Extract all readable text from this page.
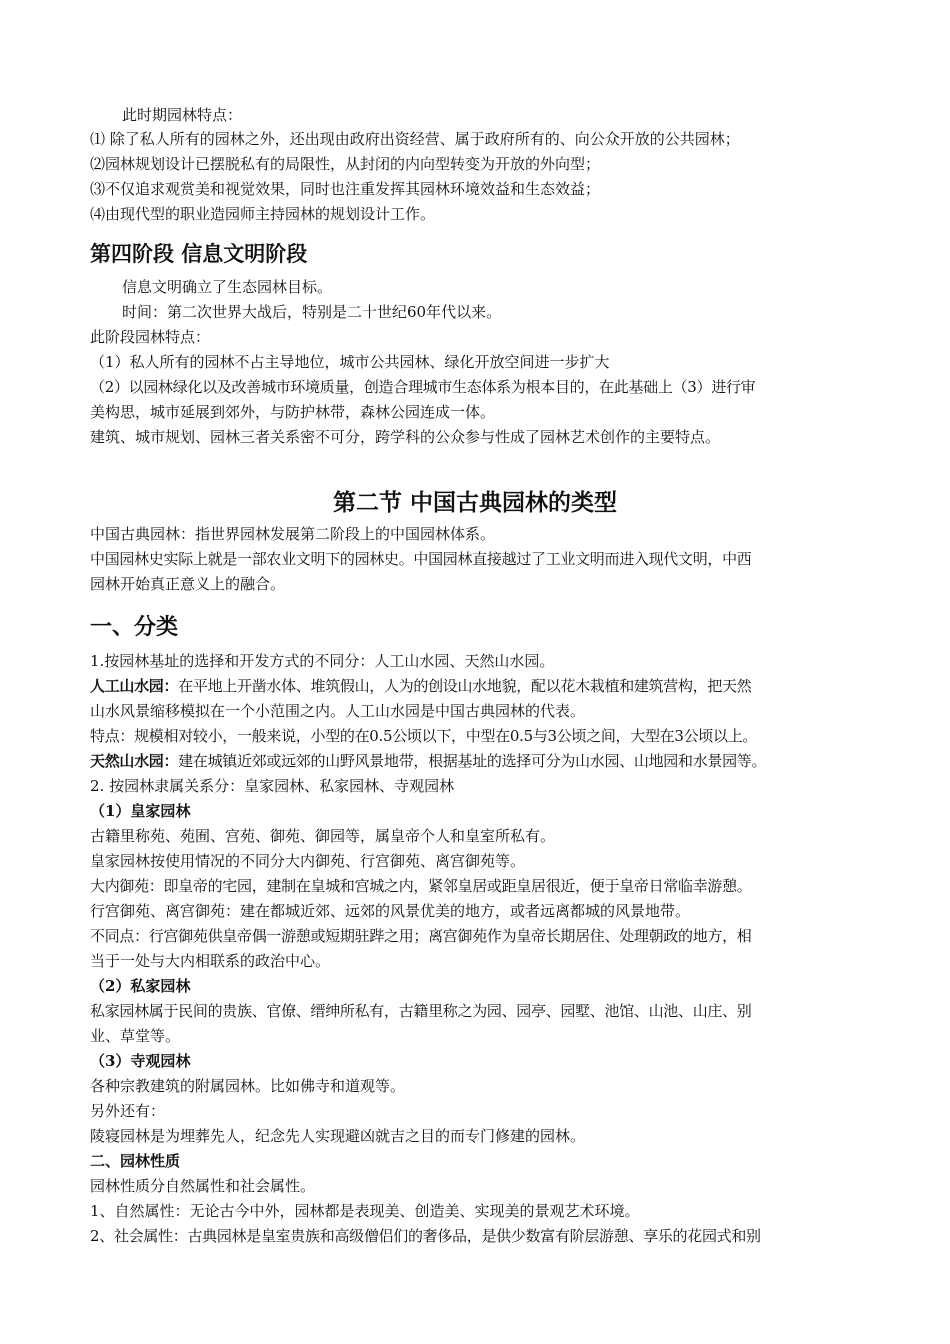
此时期园林特点：
⑴ 除了私人所有的园林之外，还出现由政府出资经营、属于政府所有的、向公众开放的公共园林；
⑵园林规划设计已摆脱私有的局限性，从封闭的内向型转变为开放的外向型；
⑶不仅追求观赏美和视觉效果，同时也注重发挥其园林环境效益和生态效益；
⑷由现代型的职业造园师主持园林的规划设计工作。
第四阶段 信息文明阶段
信息文明确立了生态园林目标。
时间：第二次世界大战后，特别是二十世纪60年代以来。
此阶段园林特点：
（1）私人所有的园林不占主导地位，城市公共园林、绿化开放空间进一步扩大
（2）以园林绿化以及改善城市环境质量，创造合理城市生态体系为根本目的，在此基础上（3）进行审
美构思，城市延展到郊外，与防护林带，森林公园连成一体。
建筑、城市规划、园林三者关系密不可分，跨学科的公众参与性成了园林艺术创作的主要特点。
第二节 中国古典园林的类型
中国古典园林：指世界园林发展第二阶段上的中国园林体系。
中国园林史实际上就是一部农业文明下的园林史。中国园林直接越过了工业文明而进入现代文明，中西
园林开始真正意义上的融合。
一、分类
1.按园林基址的选择和开发方式的不同分：人工山水园、天然山水园。
人工山水园：在平地上开凿水体、堆筑假山，人为的创设山水地貌，配以花木栽植和建筑营构，把天然
山水风景缩移模拟在一个小范围之内。人工山水园是中国古典园林的代表。
特点：规模相对较小，一般来说，小型的在0.5公顷以下，中型在0.5与3公顷之间，大型在3公顷以上。
天然山水园：建在城镇近郊或远郊的山野风景地带，根据基址的选择可分为山水园、山地园和水景园等。
2. 按园林隶属关系分：皇家园林、私家园林、寺观园林
（1）皇家园林
古籍里称苑、苑囿、宫苑、御苑、御园等，属皇帝个人和皇室所私有。
皇家园林按使用情况的不同分大内御苑、行宫御苑、离宫御苑等。
大内御苑：即皇帝的宅园，建制在皇城和宫城之内，紧邻皇居或距皇居很近，便于皇帝日常临幸游憩。
行宫御苑、离宫御苑：建在都城近郊、远郊的风景优美的地方，或者远离都城的风景地带。
不同点：行宫御苑供皇帝偶一游憩或短期驻跸之用；离宫御苑作为皇帝长期居住、处理朝政的地方，相
当于一处与大内相联系的政治中心。
（2）私家园林
私家园林属于民间的贵族、官僚、缙绅所私有，古籍里称之为园、园亭、园墅、池馆、山池、山庄、别
业、草堂等。
（3）寺观园林
各种宗教建筑的附属园林。比如佛寺和道观等。
另外还有：
陵寝园林是为埋葬先人，纪念先人实现避凶就吉之目的而专门修建的园林。
二、园林性质
园林性质分自然属性和社会属性。
1、自然属性：无论古今中外，园林都是表现美、创造美、实现美的景观艺术环境。
2、社会属性：古典园林是皇室贵族和高级僧侣们的奢侈品，是供少数富有阶层游憩、享乐的花园式和别
